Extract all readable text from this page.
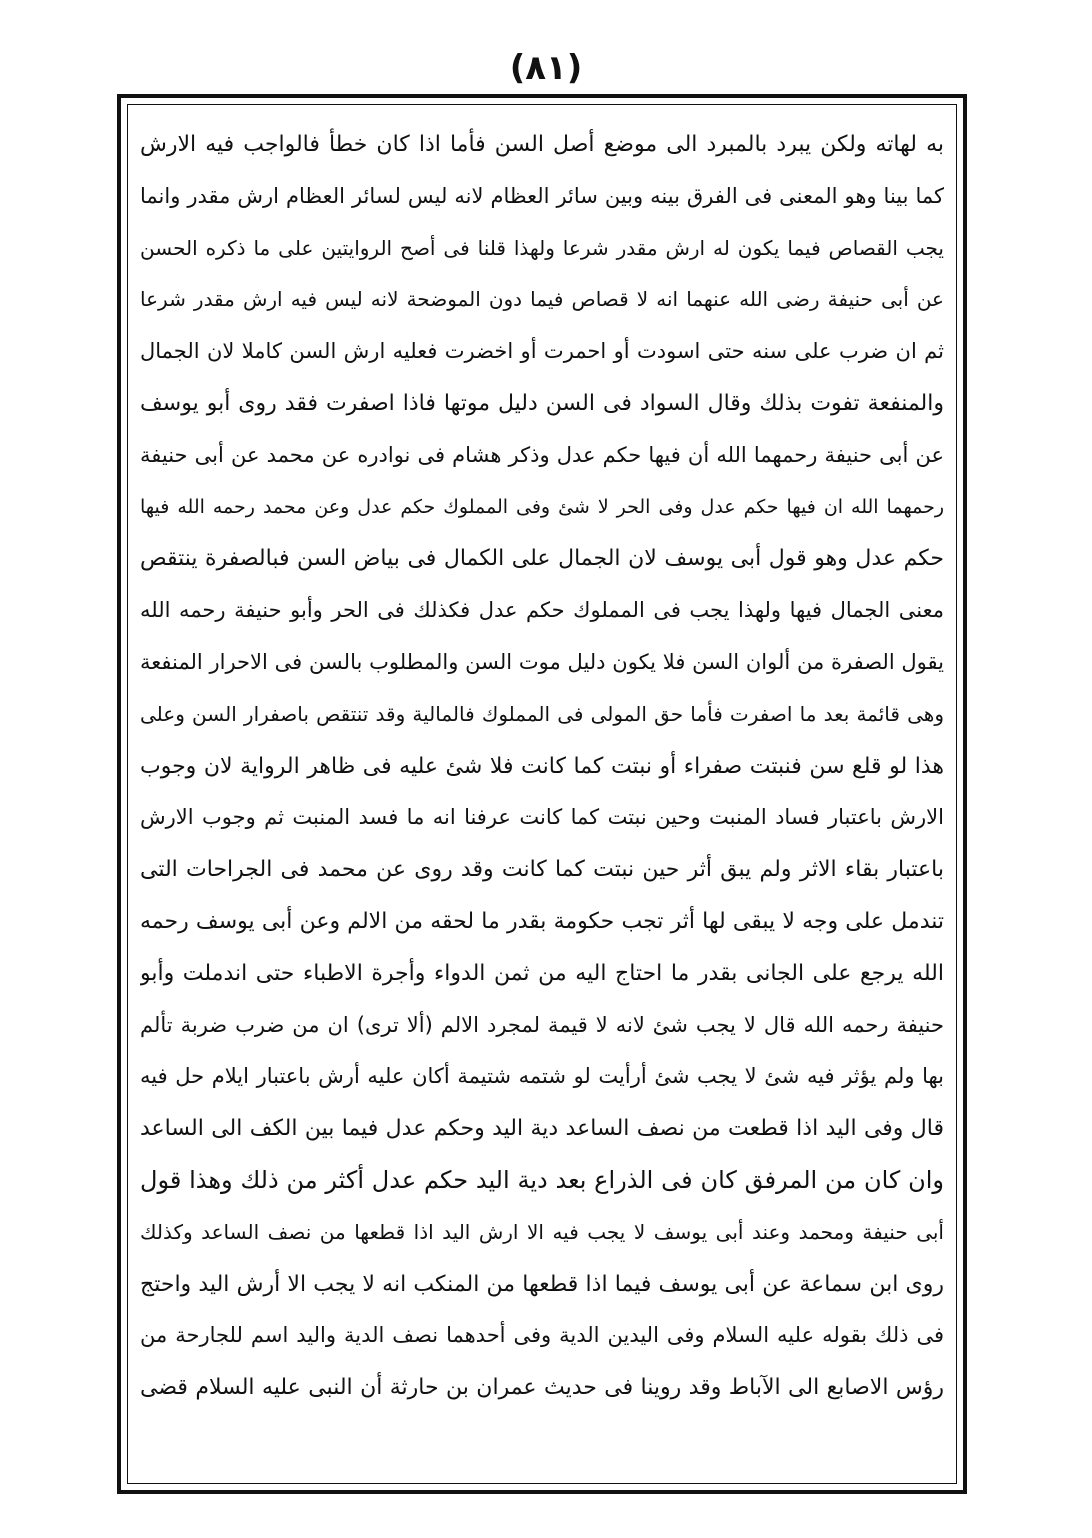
(٨١)
به لهاته ولكن يبرد بالمبرد الى موضع أصل السن فأما اذا كان خطأ فالواجب فيه الارش
كما بينا وهو المعنى فى الفرق بينه وبين سائر العظام لانه ليس لسائر العظام ارش مقدر وانما
يجب القصاص فيما يكون له ارش مقدر شرعا ولهذا قلنا فى أصح الروايتين على ما ذكره الحسن
عن أبى حنيفة رضى الله عنهما انه لا قصاص فيما دون الموضحة لانه ليس فيه ارش مقدر شرعا
ثم ان ضرب على سنه حتى اسودت أو احمرت أو اخضرت فعليه ارش السن كاملا لان الجمال
والمنفعة تفوت بذلك وقال السواد فى السن دليل موتها فاذا اصفرت فقد روى أبو يوسف
عن أبى حنيفة رحمهما الله أن فيها حكم عدل وذكر هشام فى نوادره عن محمد عن أبى حنيفة
رحمهما الله ان فيها حكم عدل وفى الحر لا شئ وفى المملوك حكم عدل وعن محمد رحمه الله فيها
حكم عدل وهو قول أبى يوسف لان الجمال على الكمال فى بياض السن فبالصفرة ينتقص
معنى الجمال فيها ولهذا يجب فى المملوك حكم عدل فكذلك فى الحر وأبو حنيفة رحمه الله
يقول الصفرة من ألوان السن فلا يكون دليل موت السن والمطلوب بالسن فى الاحرار المنفعة
وهى قائمة بعد ما اصفرت فأما حق المولى فى المملوك فالمالية وقد تنتقص باصفرار السن وعلى
هذا لو قلع سن فنبتت صفراء أو نبتت كما كانت فلا شئ عليه فى ظاهر الرواية لان وجوب
الارش باعتبار فساد المنبت وحين نبتت كما كانت عرفنا انه ما فسد المنبت ثم وجوب الارش
باعتبار بقاء الاثر ولم يبق أثر حين نبتت كما كانت وقد روى عن محمد فى الجراحات التى
تندمل على وجه لا يبقى لها أثر تجب حكومة بقدر ما لحقه من الالم وعن أبى يوسف رحمه
الله يرجع على الجانى بقدر ما احتاج اليه من ثمن الدواء وأجرة الاطباء حتى اندملت وأبو
حنيفة رحمه الله قال لا يجب شئ لانه لا قيمة لمجرد الالم (ألا ترى) ان من ضرب ضربة تألم
بها ولم يؤثر فيه شئ لا يجب شئ أرأيت لو شتمه شتيمة أكان عليه أرش باعتبار ايلام حل فيه
قال وفى اليد اذا قطعت من نصف الساعد دية اليد وحكم عدل فيما بين الكف الى الساعد
وان كان من المرفق كان فى الذراع بعد دية اليد حكم عدل أكثر من ذلك وهذا قول
أبى حنيفة ومحمد وعند أبى يوسف لا يجب فيه الا ارش اليد اذا قطعها من نصف الساعد وكذلك
روى ابن سماعة عن أبى يوسف فيما اذا قطعها من المنكب انه لا يجب الا أرش اليد واحتج
فى ذلك بقوله عليه السلام وفى اليدين الدية وفى أحدهما نصف الدية واليد اسم للجارحة من
رؤس الاصابع الى الآباط وقد روينا فى حديث عمران بن حارثة أن النبى عليه السلام قضى
